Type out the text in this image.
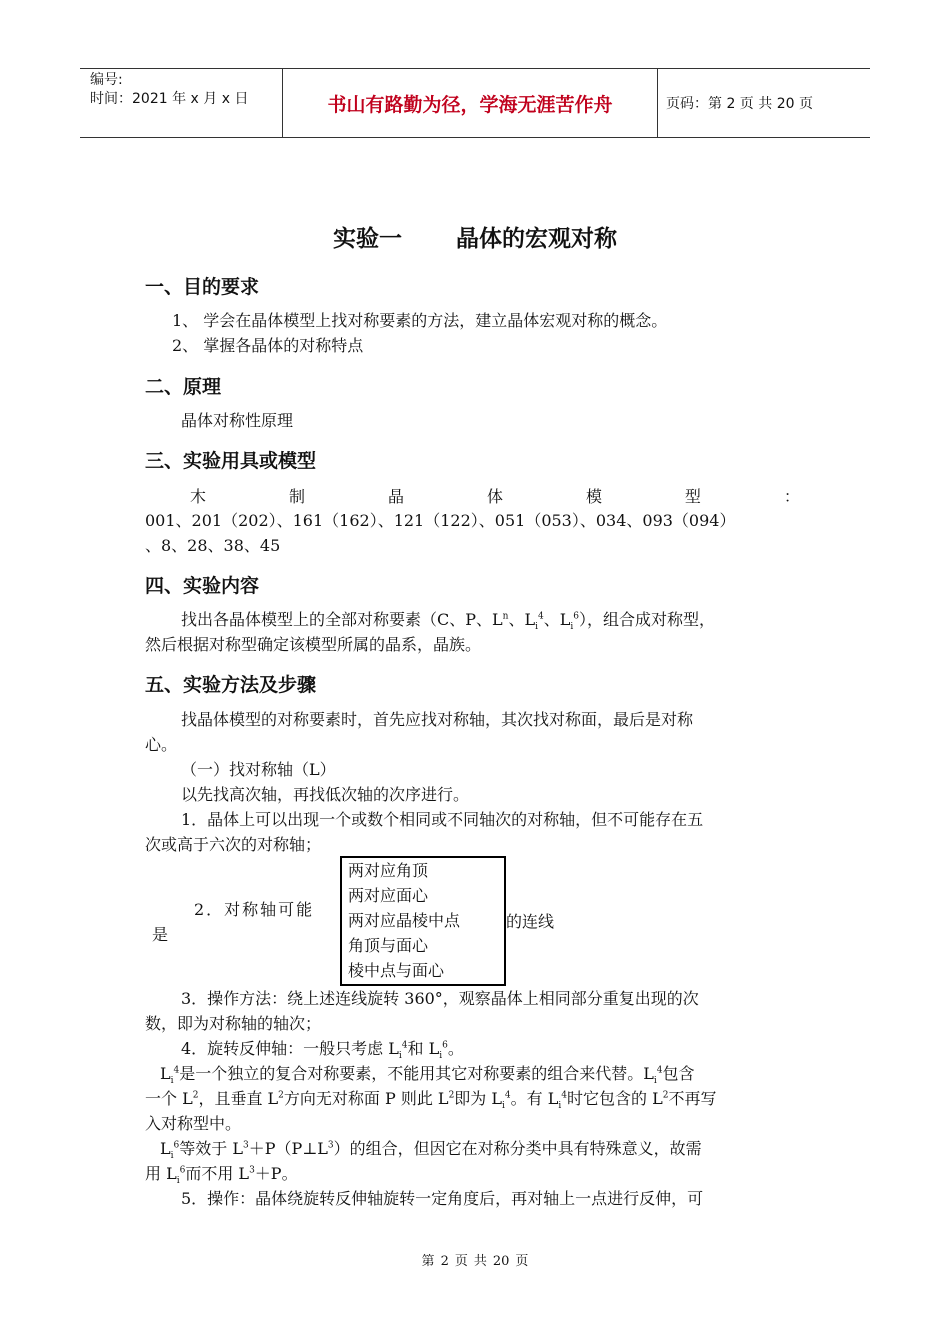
编号:
时间：2021 年 x 月 x 日	书山有路勤为径，学海无涯苦作舟	页码：第 2 页 共 20 页
实验一 晶体的宏观对称
一、目的要求
1、 学会在晶体模型上找对称要素的方法，建立晶体宏观对称的概念。
2、 掌握各晶体的对称特点
二、原理
晶体对称性原理
三、实验用具或模型
木	制	晶	体	模	型	：
001、201（202）、161（162）、121（122）、051（053）、034、093（094）
、8、28、38、45
四、实验内容
找出各晶体模型上的全部对称要素（C、P、$L^n$、$L_i^4$、$L_i^6$），组合成对称型，
然后根据对称型确定该模型所属的晶系，晶族。
五、实验方法及步骤
找晶体模型的对称要素时，首先应找对称轴，其次找对称面，最后是对称
心。
（一）找对称轴（L）
以先找高次轴，再找低次轴的次序进行。
1．晶体上可以出现一个或数个相同或不同轴次的对称轴，但不可能存在五
次或高于六次的对称轴；
2．对称轴可能
是
两对应角顶
两对应面心
两对应晶棱中点
角顶与面心
棱中点与面心
的连线
3．操作方法：绕上述连线旋转 360°，观察晶体上相同部分重复出现的次
数，即为对称轴的轴次；
4．旋转反伸轴：一般只考虑 $L_i^4$和 $L_i^6$。
$L_i^4$是一个独立的复合对称要素，不能用其它对称要素的组合来代替。$L_i^4$包含
一个 $L^2$，且垂直 $L^2$方向无对称面 P 则此 $L^2$即为 $L_i^4$。有 $L_i^4$时它包含的 $L^2$不再写
入对称型中。
$L_i^6$等效于 $L^3+P(P\perp L^3)$的组合，但因它在对称分类中具有特殊意义，故需
用 $L_i^6$而不用 $L^3+P$。
5．操作：晶体绕旋转反伸轴旋转一定角度后，再对轴上一点进行反伸，可
第 2 页 共 20 页
